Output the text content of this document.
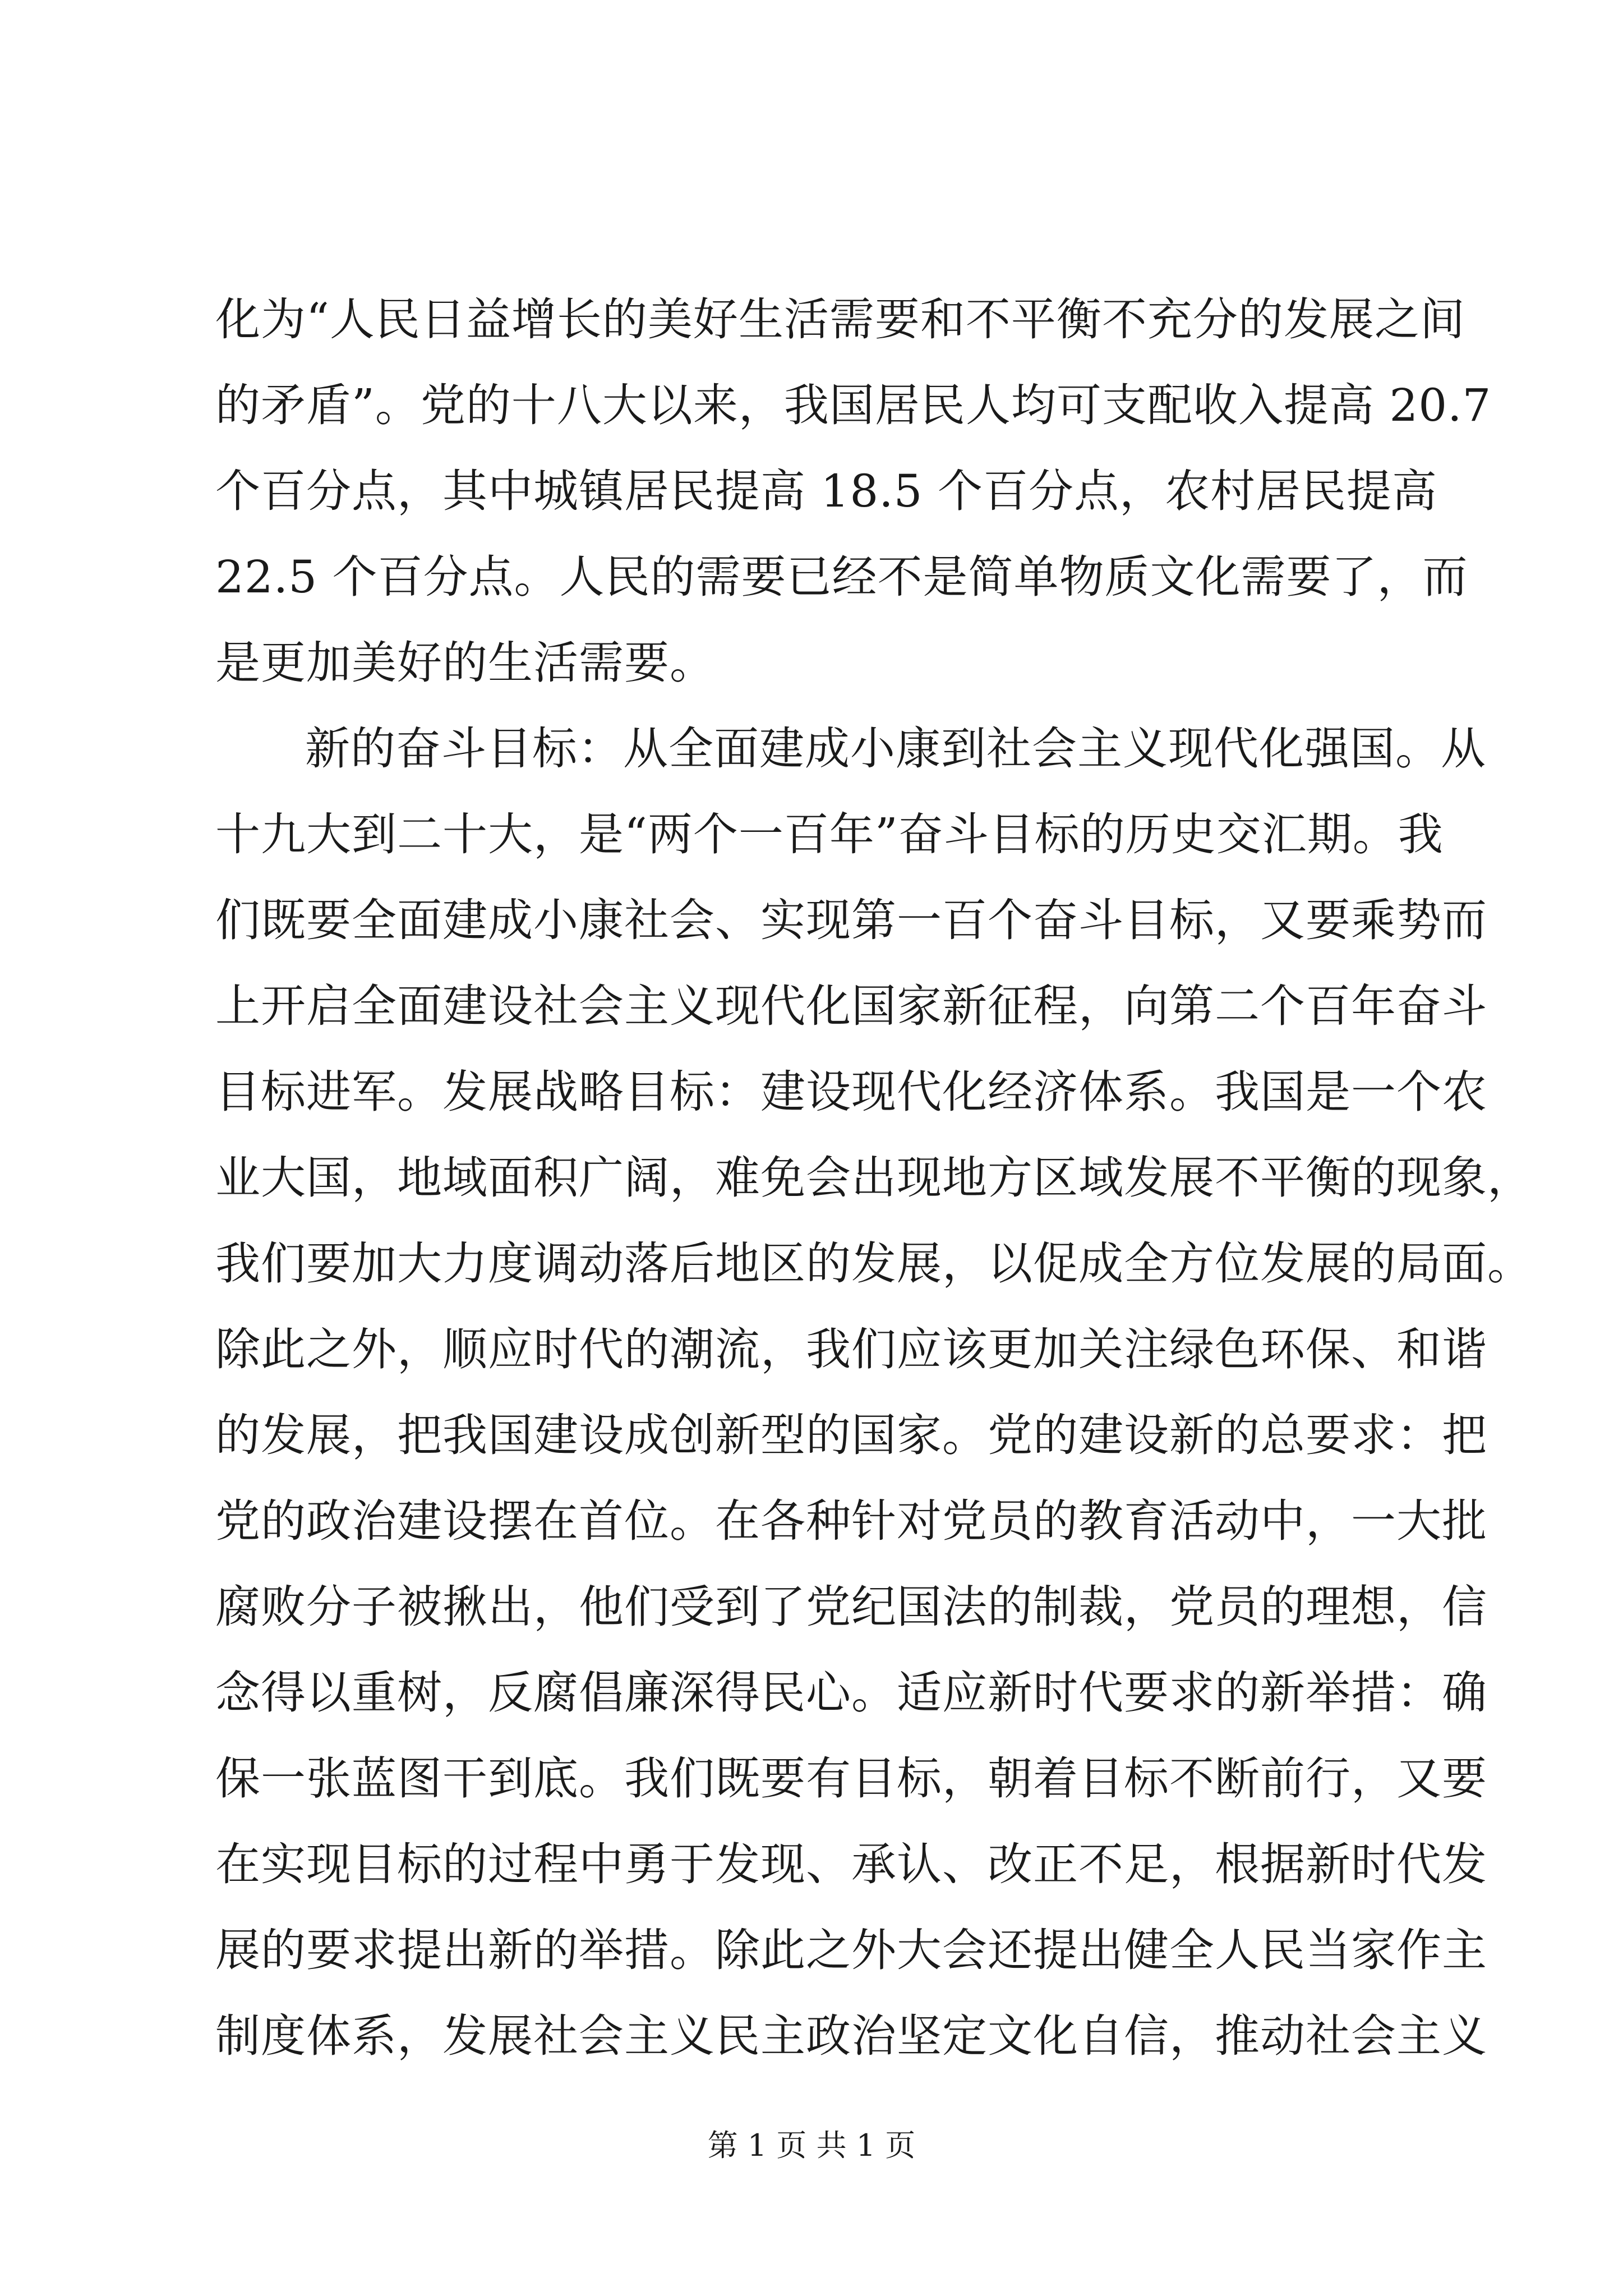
化为“人民日益增长的美好生活需要和不平衡不充分的发展之间
的矛盾”。党的十八大以来，我国居民人均可支配收入提高 20.7
个百分点，其中城镇居民提高 18.5 个百分点，农村居民提高
22.5 个百分点。人民的需要已经不是简单物质文化需要了，而
是更加美好的生活需要。
新的奋斗目标：从全面建成小康到社会主义现代化强国。从
十九大到二十大，是“两个一百年”奋斗目标的历史交汇期。我
们既要全面建成小康社会、实现第一百个奋斗目标，又要乘势而
上开启全面建设社会主义现代化国家新征程，向第二个百年奋斗
目标进军。发展战略目标：建设现代化经济体系。我国是一个农
业大国，地域面积广阔，难免会出现地方区域发展不平衡的现象，
我们要加大力度调动落后地区的发展，以促成全方位发展的局面。
除此之外，顺应时代的潮流，我们应该更加关注绿色环保、和谐
的发展，把我国建设成创新型的国家。党的建设新的总要求：把
党的政治建设摆在首位。在各种针对党员的教育活动中，一大批
腐败分子被揪出，他们受到了党纪国法的制裁，党员的理想，信
念得以重树，反腐倡廉深得民心。适应新时代要求的新举措：确
保一张蓝图干到底。我们既要有目标，朝着目标不断前行，又要
在实现目标的过程中勇于发现、承认、改正不足，根据新时代发
展的要求提出新的举措。除此之外大会还提出健全人民当家作主
第 1 页 共 1 页
制度体系，发展社会主义民主政治坚定文化自信，推动社会主义
